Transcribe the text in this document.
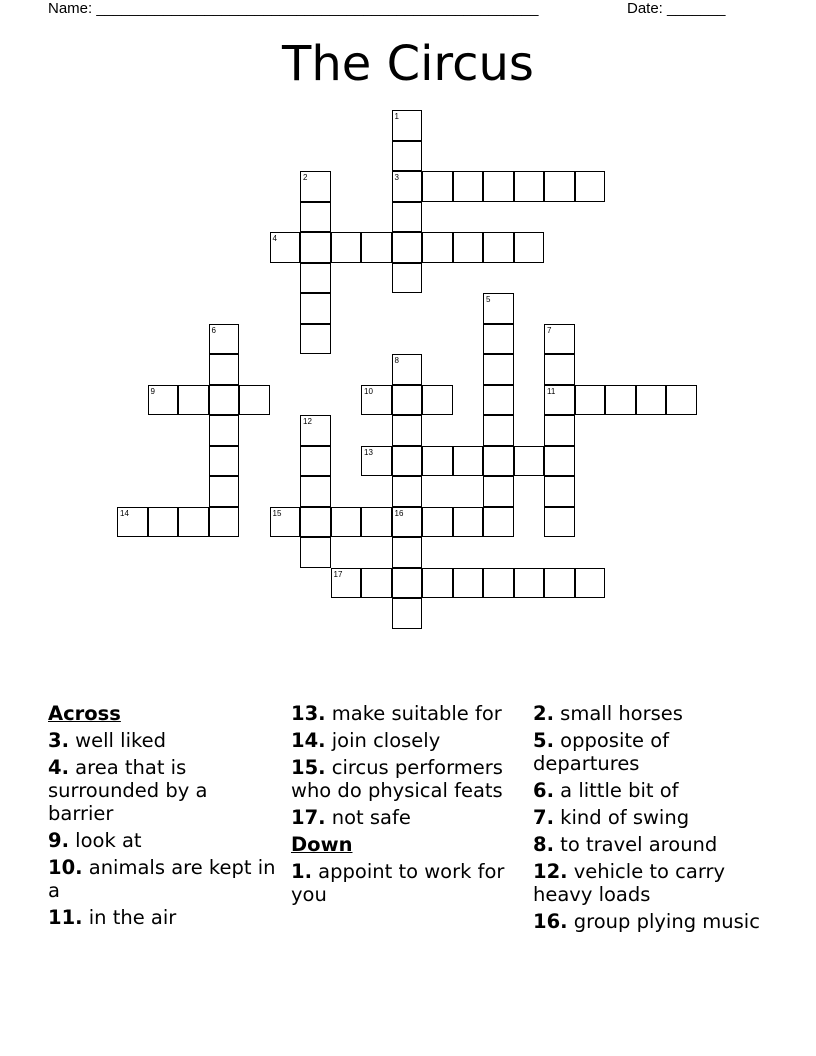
Name: _____________________________________________________	Date: _______
The Circus
1
3
2
4
5
6	7
11
8
16
9	10
12
13
14	15
17
Across
3. well liked
4. area that is surrounded by a barrier
9. look at
10. animals are kept in a
11. in the air
13. make suitable for
14. join closely
15. circus performers who do physical feats
17. not safe
Down
1. appoint to work for you
2. small horses
5. opposite of departures
6. a little bit of
7. kind of swing
8. to travel around
12. vehicle to carry heavy loads
16. group plying music
